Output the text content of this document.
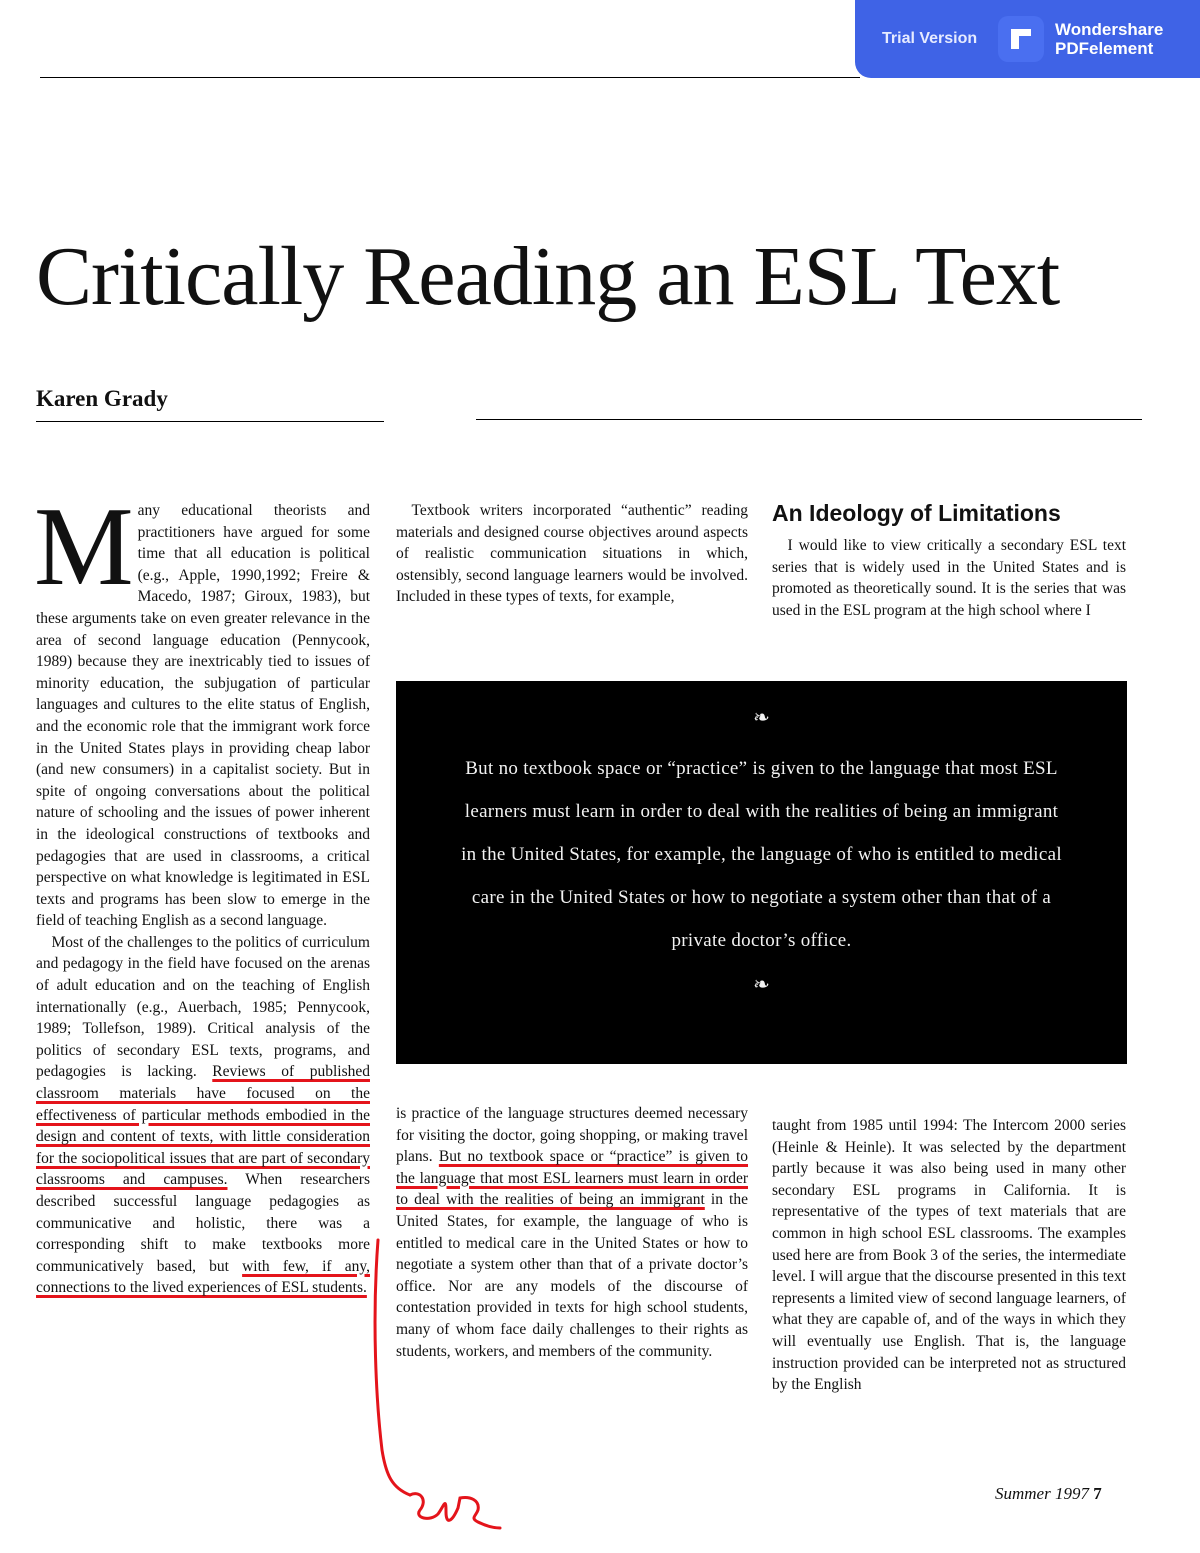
Trial Version	Wondershare
PDFelement
Critically Reading an ESL Text
Karen Grady

Many educational theorists and practitioners have argued for some time that all education is political (e.g., Apple, 1990,1992; Freire & Macedo, 1987; Giroux, 1983), but these arguments take on even greater relevance in the area of second language education (Pennycook, 1989) because they are inextricably tied to issues of minority education, the subjugation of particular languages and cultures to the elite status of English, and the economic role that the immigrant work force in the United States plays in providing cheap labor (and new consumers) in a capitalist society. But in spite of ongoing conversations about the political nature of schooling and the issues of power inherent in the ideological constructions of textbooks and pedagogies that are used in classrooms, a critical perspective on what knowledge is legitimated in ESL texts and programs has been slow to emerge in the field of teaching English as a second language.

Most of the challenges to the politics of curriculum and pedagogy in the field have focused on the arenas of adult education and on the teaching of English internationally (e.g., Auerbach, 1985; Pennycook, 1989; Tollefson, 1989). Critical analysis of the politics of secondary ESL texts, programs, and pedagogies is lacking. Reviews of published classroom materials have focused on the effectiveness of particular methods embodied in the design and content of texts, with little consideration for the sociopolitical issues that are part of secondary classrooms and campuses. When researchers described successful language pedagogies as communicative and holistic, there was a corresponding shift to make textbooks more communicatively based, but with few, if any, connections to the lived experiences of ESL students.

Textbook writers incorporated “authentic” reading materials and designed course objectives around aspects of realistic communication situations in which, ostensibly, second language learners would be involved. Included in these types of texts, for example,

An Ideology of Limitations

I would like to view critically a secondary ESL text series that is widely used in the United States and is promoted as theoretically sound. It is the series that was used in the ESL program at the high school where I

❧
But no textbook space or “practice” is given to the language that most ESL learners must learn in order to deal with the realities of being an immigrant in the United States, for example, the language of who is entitled to medical care in the United States or how to negotiate a system other than that of a private doctor’s office.
❧

is practice of the language structures deemed necessary for visiting the doctor, going shopping, or making travel plans. But no textbook space or “practice” is given to the language that most ESL learners must learn in order to deal with the realities of being an immigrant in the United States, for example, the language of who is entitled to medical care in the United States or how to negotiate a system other than that of a private doctor’s office. Nor are any models of the discourse of contestation provided in texts for high school students, many of whom face daily challenges to their rights as students, workers, and members of the community.

taught from 1985 until 1994: The Intercom 2000 series (Heinle & Heinle). It was selected by the department partly because it was also being used in many other secondary ESL programs in California. It is representative of the types of text materials that are common in high school ESL classrooms. The examples used here are from Book 3 of the series, the intermediate level. I will argue that the discourse presented in this text represents a limited view of second language learners, of what they are capable of, and of the ways in which they will eventually use English. That is, the language instruction provided can be interpreted not as structured by the English

Summer 1997 7
